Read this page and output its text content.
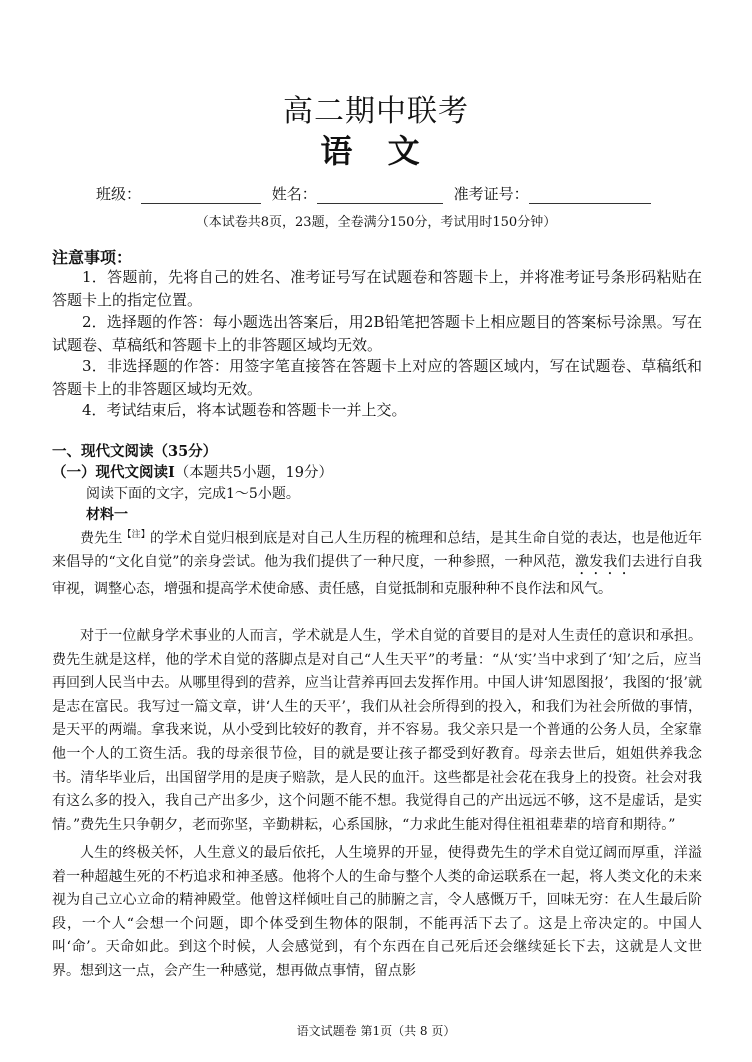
高二期中联考
语 文
班级：	姓名：	准考证号：
（本试卷共8页，23题，全卷满分150分，考试用时150分钟）
注意事项：

1．答题前，先将自己的姓名、准考证号写在试题卷和答题卡上，并将准考证号条形码粘贴在答题卡上的指定位置。

2．选择题的作答：每小题选出答案后，用2B铅笔把答题卡上相应题目的答案标号涂黑。写在试题卷、草稿纸和答题卡上的非答题区域均无效。

3．非选择题的作答：用签字笔直接答在答题卡上对应的答题区域内，写在试题卷、草稿纸和答题卡上的非答题区域均无效。

4．考试结束后，将本试题卷和答题卡一并上交。

一、现代文阅读（35分）
（一）现代文阅读Ⅰ（本题共5小题，19分）
阅读下面的文字，完成1～5小题。
材料一

费先生$^{【注】}$的学术自觉归根到底是对自己人生历程的梳理和总结，是其生命自觉的表达，也是他近年来倡导的“文化自觉”的亲身尝试。他为我们提供了一种尺度，一种参照，一种风范，激发我们去进行自我审视，调整心态，增强和提高学术使命感、责任感，自觉抵制和克服种种不良作法和风气。

对于一位献身学术事业的人而言，学术就是人生，学术自觉的首要目的是对人生责任的意识和承担。费先生就是这样，他的学术自觉的落脚点是对自己“人生天平”的考量：“从‘实’当中求到了‘知’之后，应当再回到人民当中去。从哪里得到的营养，应当让营养再回去发挥作用。中国人讲‘知恩图报’，我图的‘报’就是志在富民。我写过一篇文章，讲‘人生的天平’，我们从社会所得到的投入，和我们为社会所做的事情，是天平的两端。拿我来说，从小受到比较好的教育，并不容易。我父亲只是一个普通的公务人员，全家靠他一个人的工资生活。我的母亲很节俭，目的就是要让孩子都受到好教育。母亲去世后，姐姐供养我念书。清华毕业后，出国留学用的是庚子赔款，是人民的血汗。这些都是社会花在我身上的投资。社会对我有这么多的投入，我自己产出多少，这个问题不能不想。我觉得自己的产出远远不够，这不是虚话，是实情。”费先生只争朝夕，老而弥坚，辛勤耕耘，心系国脉，“力求此生能对得住祖祖辈辈的培育和期待。”

人生的终极关怀，人生意义的最后依托，人生境界的开显，使得费先生的学术自觉辽阔而厚重，洋溢着一种超越生死的不朽追求和神圣感。他将个人的生命与整个人类的命运联系在一起，将人类文化的未来视为自己立心立命的精神殿堂。他曾这样倾吐自己的肺腑之言，令人感慨万千，回味无穷：在人生最后阶段，一个人“会想一个问题，即个体受到生物体的限制，不能再活下去了。这是上帝决定的。中国人叫‘命’。天命如此。到这个时候，人会感觉到，有个东西在自己死后还会继续延长下去，这就是人文世界。想到这一点，会产生一种感觉，想再做点事情，留点影

语文试题卷 第1页（共 8 页）
